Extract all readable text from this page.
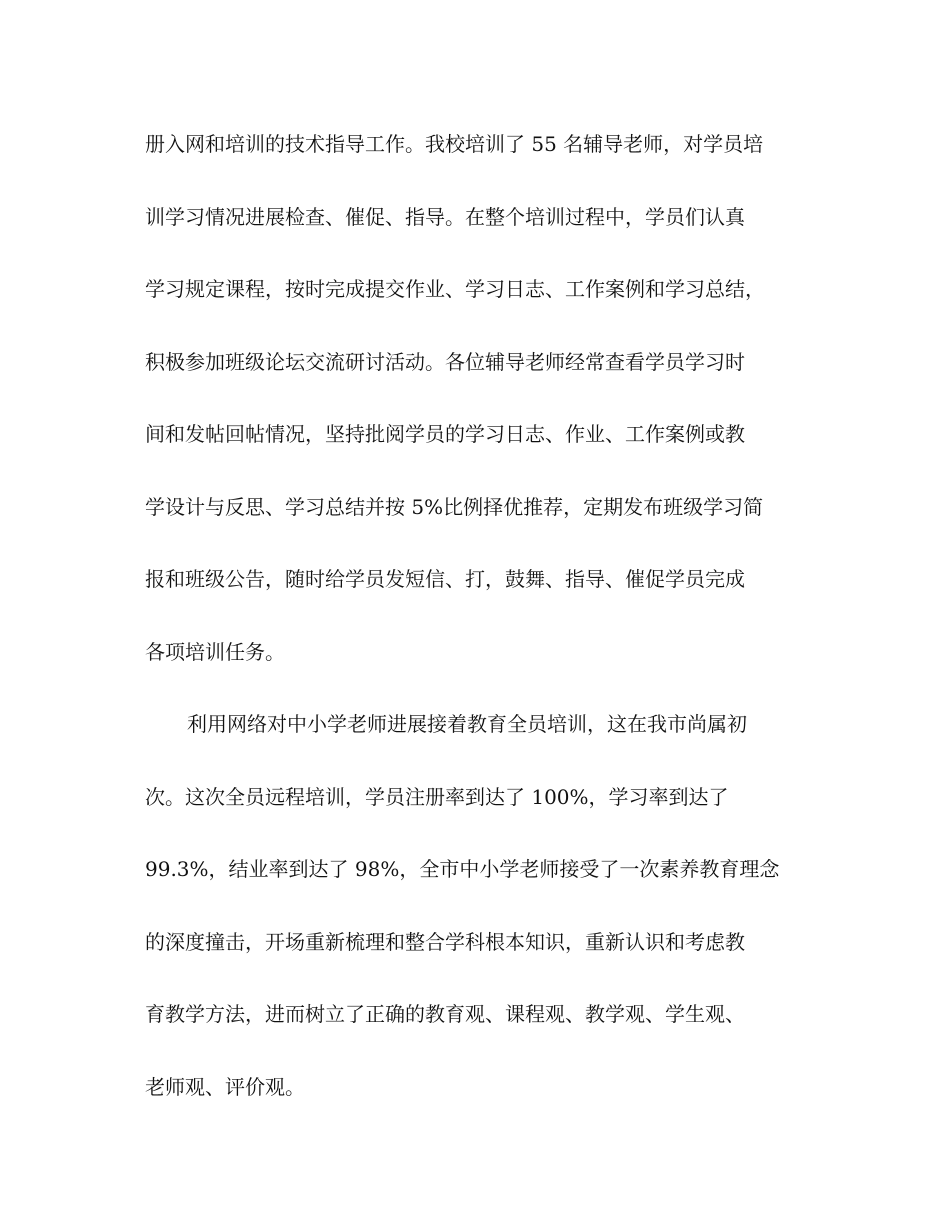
册入网和培训的技术指导工作。我校培训了 55 名辅导老师，对学员培
训学习情况进展检查、催促、指导。在整个培训过程中，学员们认真
学习规定课程，按时完成提交作业、学习日志、工作案例和学习总结，
积极参加班级论坛交流研讨活动。各位辅导老师经常查看学员学习时
间和发帖回帖情况，坚持批阅学员的学习日志、作业、工作案例或教
学设计与反思、学习总结并按 5%比例择优推荐，定期发布班级学习简
报和班级公告，随时给学员发短信、打，鼓舞、指导、催促学员完成
各项培训任务。
利用网络对中小学老师进展接着教育全员培训，这在我市尚属初
次。这次全员远程培训，学员注册率到达了 100%，学习率到达了
99.3%，结业率到达了 98%，全市中小学老师接受了一次素养教育理念
的深度撞击，开场重新梳理和整合学科根本知识，重新认识和考虑教
育教学方法，进而树立了正确的教育观、课程观、教学观、学生观、
老师观、评价观。
